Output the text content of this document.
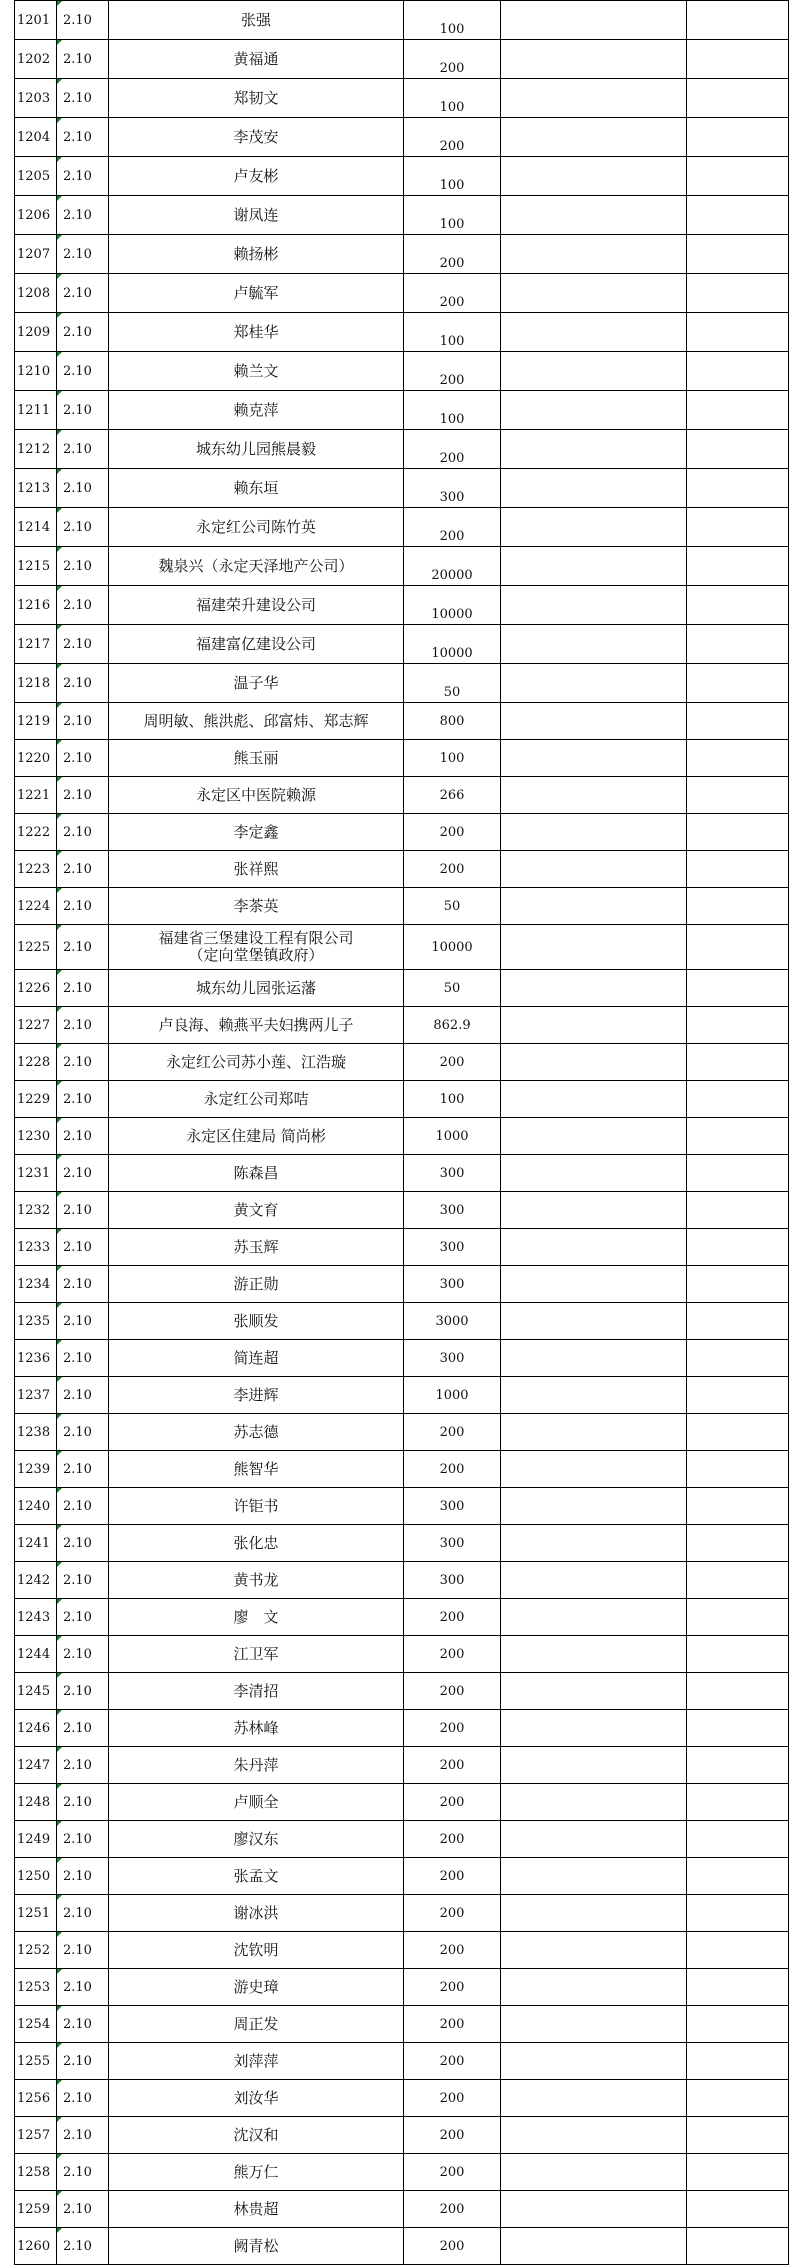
1201	2.10	张强	100		
1202	2.10	黄福通	200		
1203	2.10	郑韧文	100		
1204	2.10	李茂安	200		
1205	2.10	卢友彬	100		
1206	2.10	谢凤连	100		
1207	2.10	赖扬彬	200		
1208	2.10	卢毓军	200		
1209	2.10	郑桂华	100		
1210	2.10	赖兰文	200		
1211	2.10	赖克萍	100		
1212	2.10	城东幼儿园熊晨毅	200		
1213	2.10	赖东垣	300		
1214	2.10	永定红公司陈竹英	200		
1215	2.10	魏泉兴（永定天泽地产公司）	20000		
1216	2.10	福建荣升建设公司	10000		
1217	2.10	福建富亿建设公司	10000		
1218	2.10	温子华	50		
1219	2.10	周明敏、熊洪彪、邱富炜、郑志辉	800		
1220	2.10	熊玉丽	100		
1221	2.10	永定区中医院赖源	266		
1222	2.10	李定鑫	200		
1223	2.10	张祥熙	200		
1224	2.10	李茶英	50		
1225	2.10	福建省三堡建设工程有限公司
（定向堂堡镇政府）	10000		
1226	2.10	城东幼儿园张运藩	50		
1227	2.10	卢良海、赖燕平夫妇携两儿子	862.9		
1228	2.10	永定红公司苏小莲、江浩璇	200		
1229	2.10	永定红公司郑咭	100		
1230	2.10	永定区住建局 简尚彬	1000		
1231	2.10	陈森昌	300		
1232	2.10	黄文育	300		
1233	2.10	苏玉辉	300		
1234	2.10	游正勋	300		
1235	2.10	张顺发	3000		
1236	2.10	简连超	300		
1237	2.10	李进辉	1000		
1238	2.10	苏志德	200		
1239	2.10	熊智华	200		
1240	2.10	许钜书	300		
1241	2.10	张化忠	300		
1242	2.10	黄书龙	300		
1243	2.10	廖　文	200		
1244	2.10	江卫军	200		
1245	2.10	李清招	200		
1246	2.10	苏林峰	200		
1247	2.10	朱丹萍	200		
1248	2.10	卢顺全	200		
1249	2.10	廖汉东	200		
1250	2.10	张孟文	200		
1251	2.10	谢冰洪	200		
1252	2.10	沈钦明	200		
1253	2.10	游史璋	200		
1254	2.10	周正发	200		
1255	2.10	刘萍萍	200		
1256	2.10	刘汝华	200		
1257	2.10	沈汉和	200		
1258	2.10	熊万仁	200		
1259	2.10	林贵超	200		
1260	2.10	阙青松	200		
